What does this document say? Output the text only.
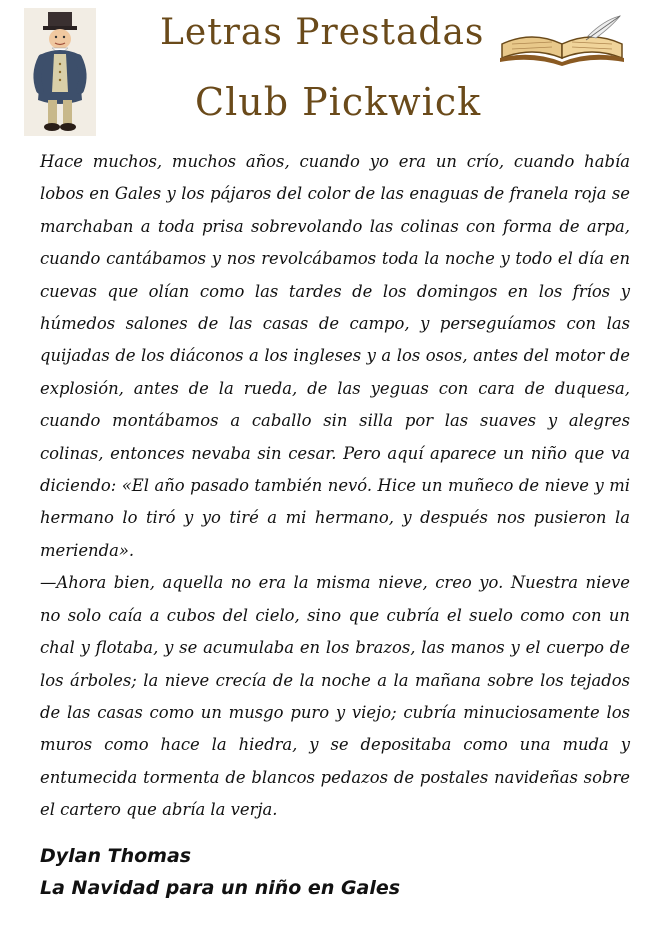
Letras Prestadas
Club Pickwick

Hace muchos, muchos años, cuando yo era un crío, cuando había lobos en Gales y los pájaros del color de las enaguas de franela roja se marchaban a toda prisa sobrevolando las colinas con forma de arpa, cuando cantábamos y nos revolcábamos toda la noche y todo el día en cuevas que olían como las tardes de los domingos en los fríos y húmedos salones de las casas de campo, y perseguíamos con las quijadas de los diáconos a los ingleses y a los osos, antes del motor de explosión, antes de la rueda, de las yeguas con cara de duquesa, cuando montábamos a caballo sin silla por las suaves y alegres colinas, entonces nevaba sin cesar. Pero aquí aparece un niño que va diciendo: «El año pasado también nevó. Hice un muñeco de nieve y mi hermano lo tiró y yo tiré a mi hermano, y después nos pusieron la merienda».

—Ahora bien, aquella no era la misma nieve, creo yo. Nuestra nieve no solo caía a cubos del cielo, sino que cubría el suelo como con un chal y flotaba, y se acumulaba en los brazos, las manos y el cuerpo de los árboles; la nieve crecía de la noche a la mañana sobre los tejados de las casas como un musgo puro y viejo; cubría minuciosamente los muros como hace la hiedra, y se depositaba como una muda y entumecida tormenta de blancos pedazos de postales navideñas sobre el cartero que abría la verja.

Dylan Thomas
La Navidad para un niño en Gales
